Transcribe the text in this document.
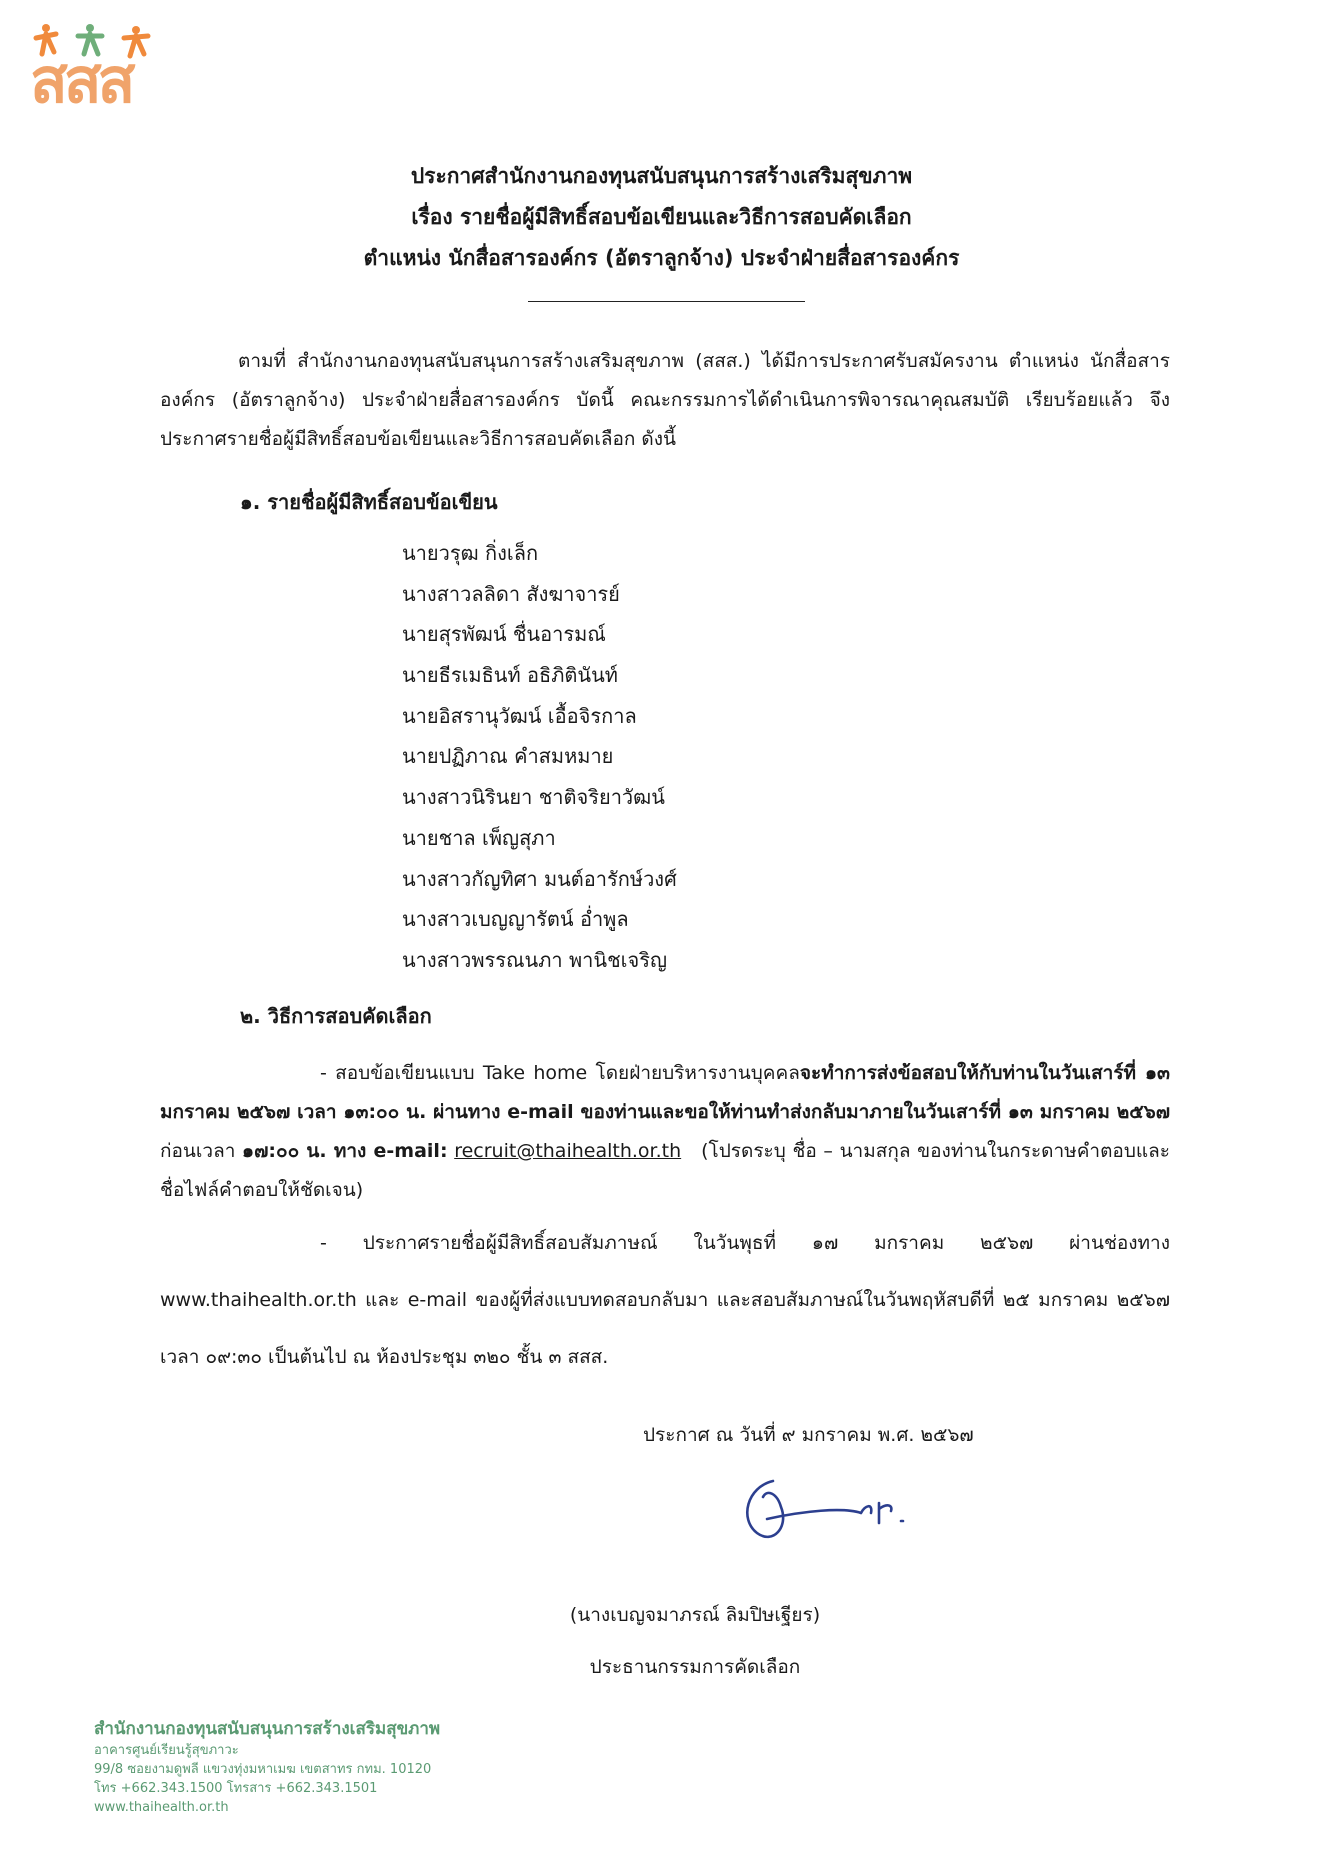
สสส
ประกาศสำนักงานกองทุนสนับสนุนการสร้างเสริมสุขภาพ
เรื่อง รายชื่อผู้มีสิทธิ์สอบข้อเขียนและวิธีการสอบคัดเลือก
ตำแหน่ง นักสื่อสารองค์กร (อัตราลูกจ้าง) ประจำฝ่ายสื่อสารองค์กร
ตามที่ สำนักงานกองทุนสนับสนุนการสร้างเสริมสุขภาพ (สสส.) ได้มีการประกาศรับสมัครงาน ตำแหน่ง นักสื่อสารองค์กร (อัตราลูกจ้าง) ประจำฝ่ายสื่อสารองค์กร บัดนี้ คณะกรรมการได้ดำเนินการพิจารณาคุณสมบัติ เรียบร้อยแล้ว จึงประกาศรายชื่อผู้มีสิทธิ์สอบข้อเขียนและวิธีการสอบคัดเลือก ดังนี้
๑. รายชื่อผู้มีสิทธิ์สอบข้อเขียน
นายวรุฒ กิ่งเล็ก
นางสาวลลิดา สังฆาจารย์
นายสุรพัฒน์ ชื่นอารมณ์
นายธีรเมธินท์ อธิภิตินันท์
นายอิสรานุวัฒน์ เอื้อจิรกาล
นายปฏิภาณ คำสมหมาย
นางสาวนิรินยา ชาติจริยาวัฒน์
นายชาล เพ็ญสุภา
นางสาวกัญทิศา มนต์อารักษ์วงศ์
นางสาวเบญญารัตน์ อ่ำพูล
นางสาวพรรณนภา พานิชเจริญ
๒. วิธีการสอบคัดเลือก
- สอบข้อเขียนแบบ Take home โดยฝ่ายบริหารงานบุคคลจะทำการส่งข้อสอบให้กับท่านในวันเสาร์ที่ ๑๓ มกราคม ๒๕๖๗ เวลา ๑๓:๐๐ น. ผ่านทาง e-mail ของท่านและขอให้ท่านทำส่งกลับมาภายในวันเสาร์ที่ ๑๓ มกราคม ๒๕๖๗ ก่อนเวลา ๑๗:๐๐ น. ทาง e-mail: recruit@thaihealth.or.th (โปรดระบุ ชื่อ – นามสกุล ของท่านในกระดาษคำตอบและชื่อไฟล์คำตอบให้ชัดเจน)
- ประกาศรายชื่อผู้มีสิทธิ์สอบสัมภาษณ์ ในวันพุธที่ ๑๗ มกราคม ๒๕๖๗ ผ่านช่องทาง www.thaihealth.or.th และ e-mail ของผู้ที่ส่งแบบทดสอบกลับมา และสอบสัมภาษณ์ในวันพฤหัสบดีที่ ๒๕ มกราคม ๒๕๖๗ เวลา ๐๙:๓๐ เป็นต้นไป ณ ห้องประชุม ๓๒๐ ชั้น ๓ สสส.
ประกาศ ณ วันที่ ๙ มกราคม พ.ศ. ๒๕๖๗
(นางเบญจมาภรณ์ ลิมปิษเฐียร)
ประธานกรรมการคัดเลือก
สำนักงานกองทุนสนับสนุนการสร้างเสริมสุขภาพ
อาคารศูนย์เรียนรู้สุขภาวะ
99/8 ซอยงามดูพลี แขวงทุ่งมหาเมฆ เขตสาทร กทม. 10120
โทร +662.343.1500 โทรสาร +662.343.1501
www.thaihealth.or.th
